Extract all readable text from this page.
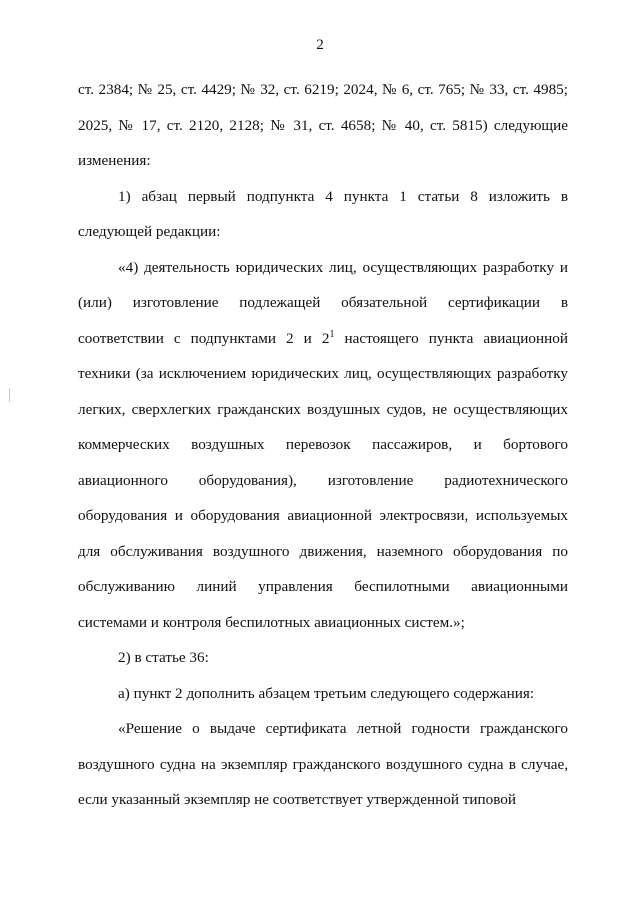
2

ст. 2384; № 25, ст. 4429; № 32, ст. 6219; 2024, № 6, ст. 765; № 33, ст. 4985; 2025, № 17, ст. 2120, 2128; № 31, ст. 4658; № 40, ст. 5815) следующие изменения:

1) абзац первый подпункта 4 пункта 1 статьи 8 изложить в следующей редакции:

«4) деятельность юридических лиц, осуществляющих разработку и (или) изготовление подлежащей обязательной сертификации в соответствии с подпунктами 2 и $2^1$ настоящего пункта авиационной техники (за исключением юридических лиц, осуществляющих разработку легких, сверхлегких гражданских воздушных судов, не осуществляющих коммерческих воздушных перевозок пассажиров, и бортового авиационного оборудования), изготовление радиотехнического оборудования и оборудования авиационной электросвязи, используемых для обслуживания воздушного движения, наземного оборудования по обслуживанию линий управления беспилотными авиационными системами и контроля беспилотных авиационных систем.»;

2) в статье 36:

а) пункт 2 дополнить абзацем третьим следующего содержания:

«Решение о выдаче сертификата летной годности гражданского воздушного судна на экземпляр гражданского воздушного судна в случае, если указанный экземпляр не соответствует утвержденной типовой
